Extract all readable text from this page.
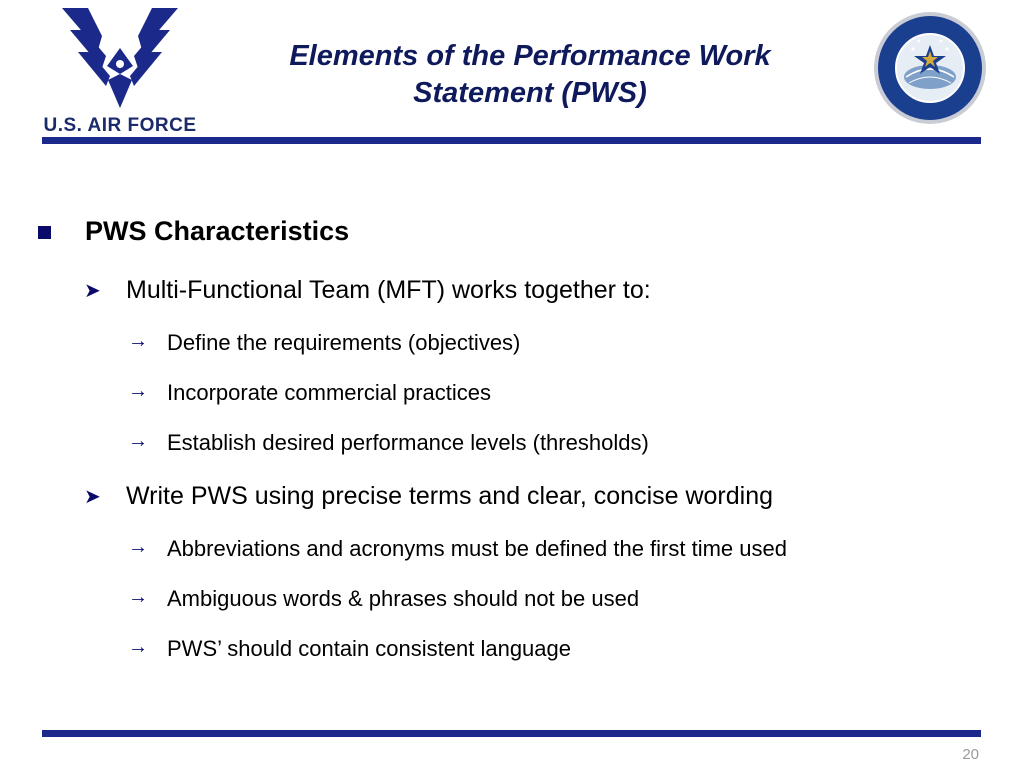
U.S. AIR FORCE
Elements of the Performance Work
Statement (PWS)
PWS Characteristics
➤ Multi-Functional Team (MFT) works together to:
→ Define the requirements (objectives)
→ Incorporate commercial practices
→ Establish desired performance levels (thresholds)
➤ Write PWS using precise terms and clear, concise wording
→ Abbreviations and acronyms must be defined the first time used
→ Ambiguous words & phrases should not be used
→ PWS’ should contain consistent language
20
